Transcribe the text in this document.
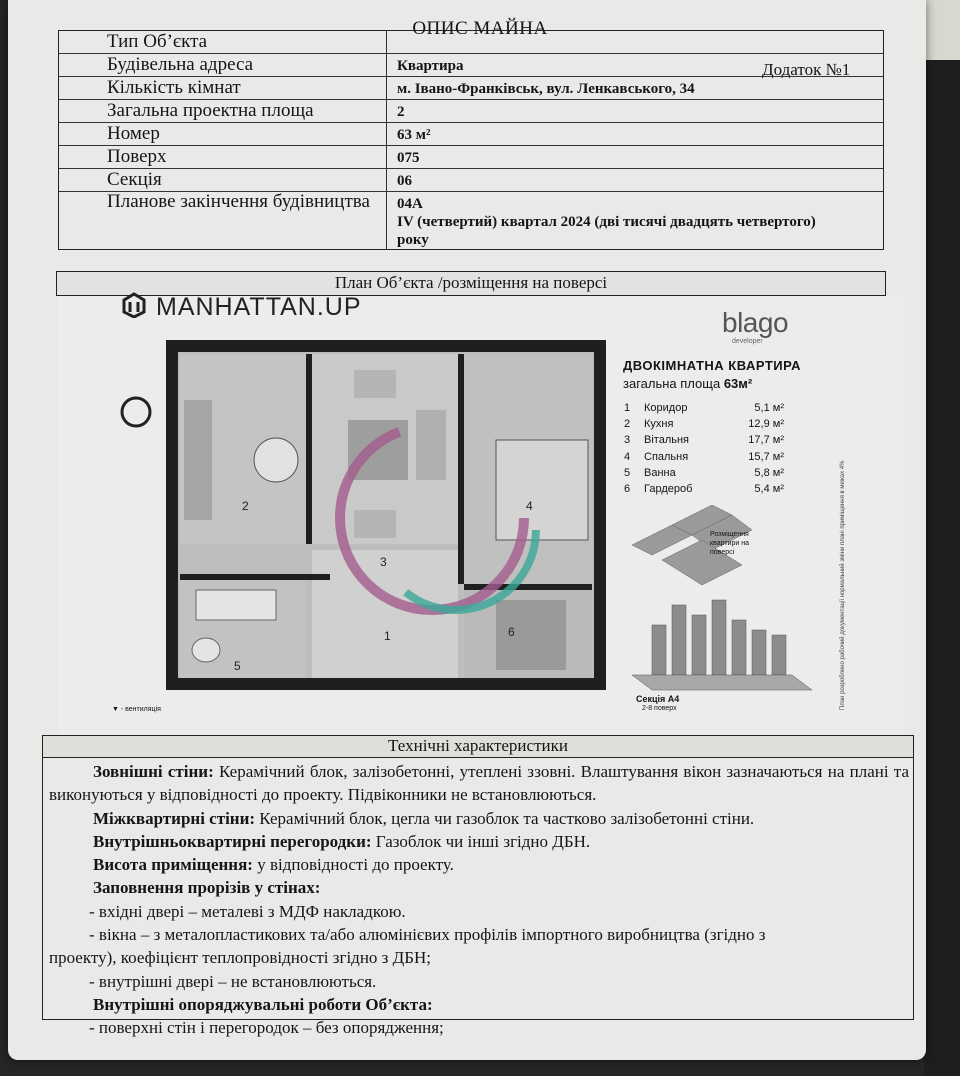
ОПИС МАЙНА
Тип Об’єкта
Будівельна адреса	Квартира
Кількість кімнат	м. Івано-Франківськ, вул. Ленкавського, 34
Загальна проектна площа	2
Номер	63 м²
Поверх	075
Секція	06
Планове закінчення будівництва	04А
IV (четвертий) квартал 2024 (дві тисячі двадцять четвертого) року
Додаток №1
План Об’єкта /розміщення на поверсі
MANHATTAN.UP	blago
developer
1
2
3
4
5
6
ДВОКІМНАТНА КВАРТИРА
загальна площа 63м²
1	Коридор	5,1 м²
2	Кухня	12,9 м²
3	Вітальня	17,7 м²
4	Спальня	15,7 м²
5	Ванна	5,8 м²
6	Гардероб	5,4 м²
Розміщення квартири на поверсі
Секція А4
2-8 поверх	План розроблено рабочий документації нормальний зміни плані приміщення в межах 4%
▼ - вентиляція
Технічні характеристики

Зовнішні стіни: Керамічний блок, залізобетонні, утеплені ззовні. Влаштування вікон зазначаються на плані та виконуються у відповідності до проекту. Підвіконники не встановлюються.

Міжквартирні стіни: Керамічний блок, цегла чи газоблок та частково залізобетонні стіни.

Внутрішньоквартирні перегородки: Газоблок чи інші згідно ДБН.

Висота приміщення: у відповідності до проекту.

Заповнення прорізів у стінах:

- вхідні двері – металеві з МДФ накладкою.

- вікна – з металопластикових та/або алюмінієвих профілів імпортного виробництва (згідно з

проекту), коефіцієнт теплопровідності згідно з ДБН;

- внутрішні двері – не встановлюються.

Внутрішні опоряджувальні роботи Об’єкта:

- поверхні стін і перегородок – без опорядження;
